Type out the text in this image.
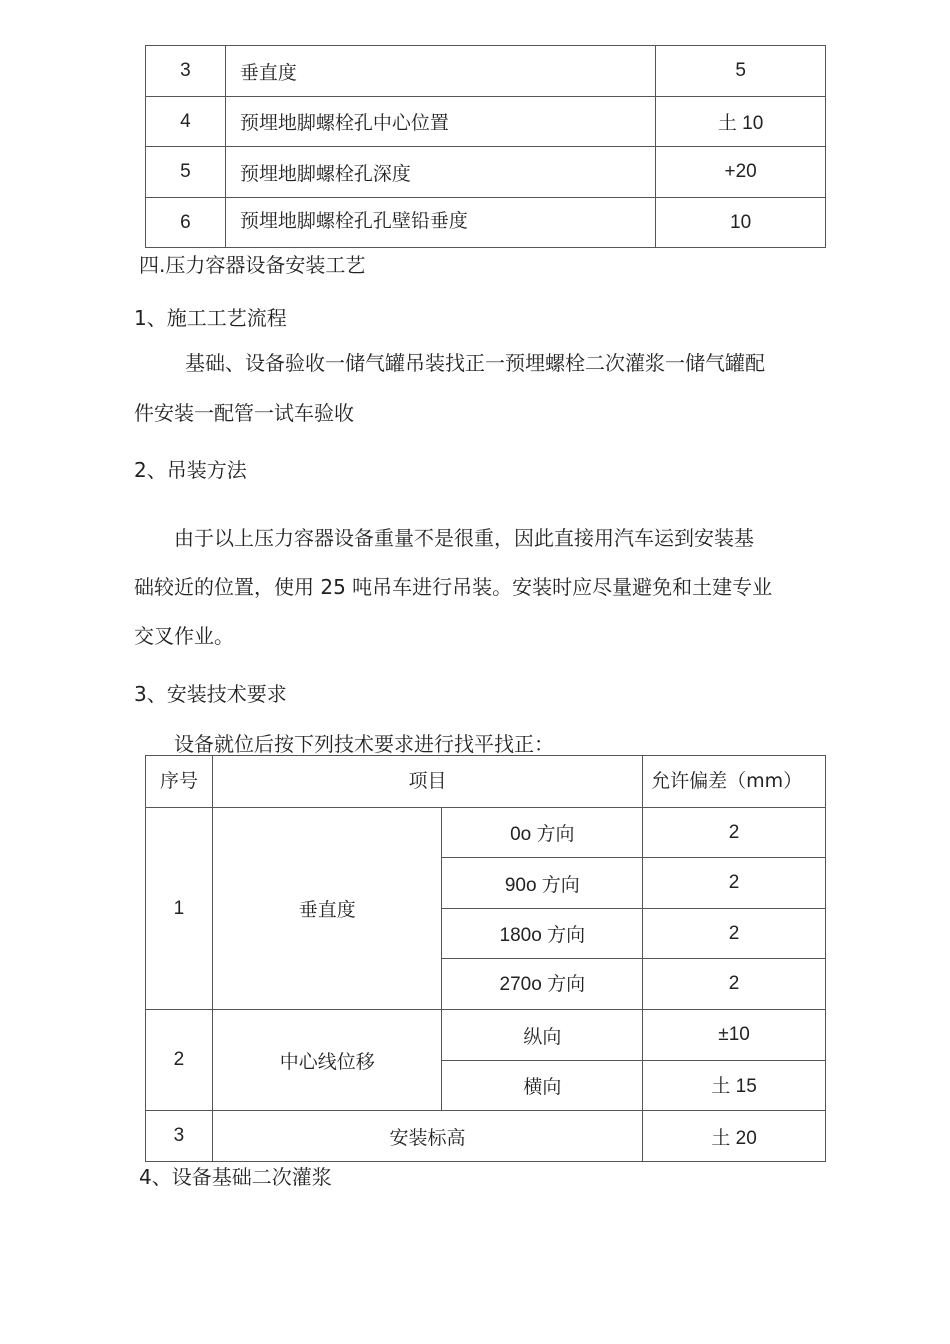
3	垂直度	5
4	预埋地脚螺栓孔中心位置	土 10
5	预埋地脚螺栓孔深度	+20
6	预埋地脚螺栓孔孔壁铅垂度	10
四.压力容器设备安装工艺
1、施工工艺流程
基础、设备验收一储气罐吊装找正一预埋螺栓二次灌浆一储气罐配
件安装一配管一试车验收
2、吊装方法
由于以上压力容器设备重量不是很重，因此直接用汽车运到安装基
础较近的位置，使用 25 吨吊车进行吊装。安装时应尽量避免和土建专业
交叉作业。
3、安装技术要求
设备就位后按下列技术要求进行找平找正：
序号	项目		允许偏差（mm）
1	垂直度	0o 方向	2
		90o 方向	2
		180o 方向	2
		270o 方向	2
2	中心线位移	纵向	±10
		横向	土 15
3	安装标高		土 20
4、设备基础二次灌浆
